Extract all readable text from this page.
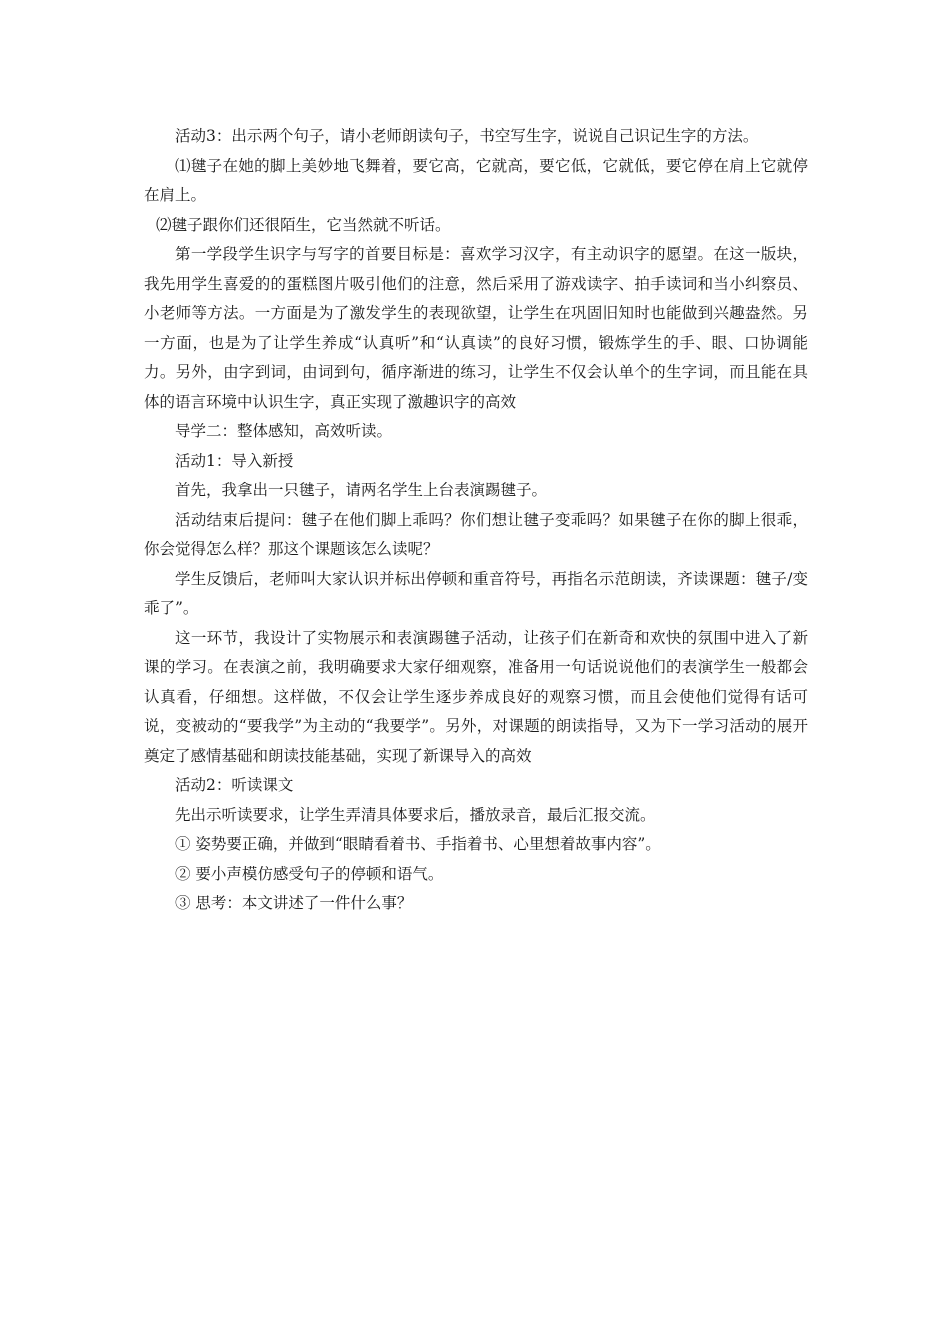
活动3：出示两个句子，请小老师朗读句子，书空写生字，说说自己识记生字的方法。

⑴毽子在她的脚上美妙地飞舞着，要它高，它就高，要它低，它就低，要它停在肩上它就停在肩上。

⑵毽子跟你们还很陌生，它当然就不听话。

第一学段学生识字与写字的首要目标是：喜欢学习汉字，有主动识字的愿望。在这一版块，我先用学生喜爱的的蛋糕图片吸引他们的注意，然后采用了游戏读字、拍手读词和当小纠察员、小老师等方法。一方面是为了激发学生的表现欲望，让学生在巩固旧知时也能做到兴趣盎然。另一方面，也是为了让学生养成“认真听”和“认真读”的良好习惯，锻炼学生的手、眼、口协调能力。另外，由字到词，由词到句，循序渐进的练习，让学生不仅会认单个的生字词，而且能在具体的语言环境中认识生字，真正实现了激趣识字的高效

导学二：整体感知，高效听读。

活动1：导入新授

首先，我拿出一只毽子，请两名学生上台表演踢毽子。

活动结束后提问：毽子在他们脚上乖吗？你们想让毽子变乖吗？如果毽子在你的脚上很乖，你会觉得怎么样？那这个课题该怎么读呢？

学生反馈后，老师叫大家认识并标出停顿和重音符号，再指名示范朗读，齐读课题：毽子/变乖了”。

这一环节，我设计了实物展示和表演踢毽子活动，让孩子们在新奇和欢快的氛围中进入了新课的学习。在表演之前，我明确要求大家仔细观察，准备用一句话说说他们的表演学生一般都会认真看，仔细想。这样做，不仅会让学生逐步养成良好的观察习惯，而且会使他们觉得有话可说，变被动的“要我学”为主动的“我要学”。另外，对课题的朗读指导，又为下一学习活动的展开奠定了感情基础和朗读技能基础，实现了新课导入的高效

活动2：听读课文

先出示听读要求，让学生弄清具体要求后，播放录音，最后汇报交流。

① 姿势要正确，并做到“眼睛看着书、手指着书、心里想着故事内容”。

② 要小声模仿感受句子的停顿和语气。

③ 思考：本文讲述了一件什么事？
